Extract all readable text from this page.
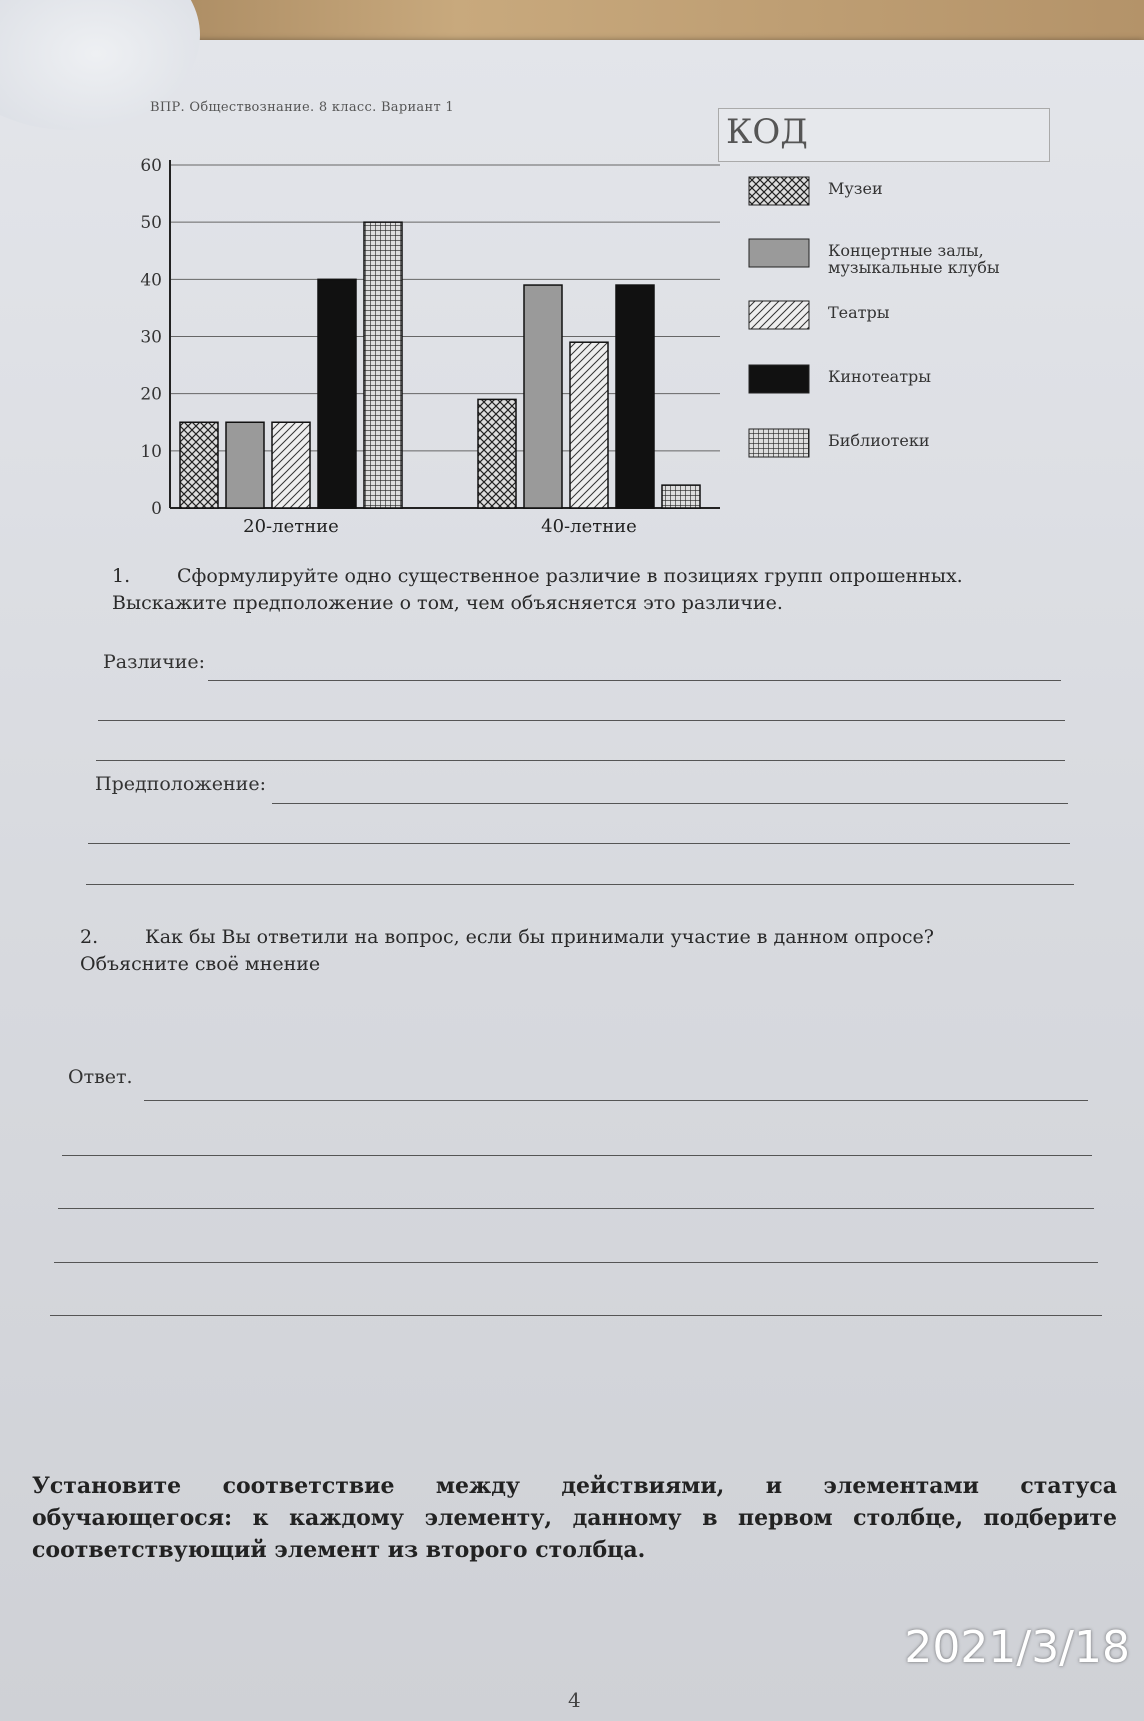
ВПР. Обществознание. 8 класс. Вариант 1
КОД
0
10
20
30
40
50
60
20-летние	40-летние
Музеи
Концертные залы, музыкальные клубы
Театры
Кинотеатры
Библиотеки
1. Сформулируйте одно существенное различие в позициях групп опрошенных.
Выскажите предположение о том, чем объясняется это различие.
Различие:
Предположение:
2. Как бы Вы ответили на вопрос, если бы принимали участие в данном опросе?
Объясните своё мнение
Ответ.
Установите соответствие между действиями, и элементами статуса обучающегося: к каждому элементу, данному в первом столбце, подберите соответствующий элемент из второго столбца.
4
2021/3/18
